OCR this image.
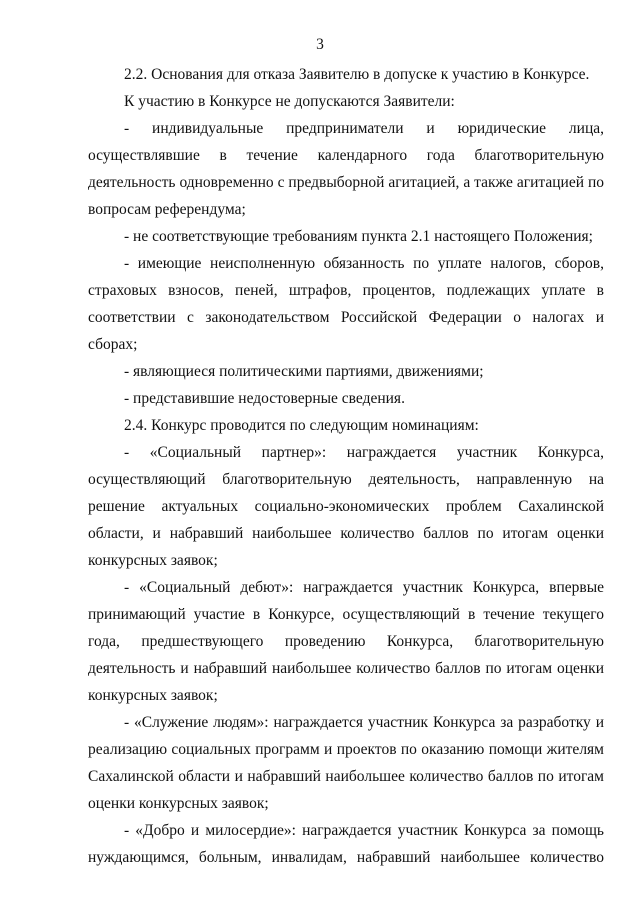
3

2.2. Основания для отказа Заявителю в допуске к участию в Конкурсе.

К участию в Конкурсе не допускаются Заявители:

- индивидуальные предприниматели и юридические лица, осуществлявшие в течение календарного года благотворительную деятельность одновременно с предвыборной агитацией, а также агитацией по вопросам референдума;

- не соответствующие требованиям пункта 2.1 настоящего Положения;

- имеющие неисполненную обязанность по уплате налогов, сборов, страховых взносов, пеней, штрафов, процентов, подлежащих уплате в соответствии с законодательством Российской Федерации о налогах и сборах;

- являющиеся политическими партиями, движениями;

- представившие недостоверные сведения.

2.4. Конкурс проводится по следующим номинациям:

- «Социальный партнер»: награждается участник Конкурса, осуществляющий благотворительную деятельность, направленную на решение актуальных социально-экономических проблем Сахалинской области, и набравший наибольшее количество баллов по итогам оценки конкурсных заявок;

- «Социальный дебют»: награждается участник Конкурса, впервые принимающий участие в Конкурсе, осуществляющий в течение текущего года, предшествующего проведению Конкурса, благотворительную деятельность и набравший наибольшее количество баллов по итогам оценки конкурсных заявок;

- «Служение людям»: награждается участник Конкурса за разработку и реализацию социальных программ и проектов по оказанию помощи жителям Сахалинской области и набравший наибольшее количество баллов по итогам оценки конкурсных заявок;

- «Добро и милосердие»: награждается участник Конкурса за помощь нуждающимся, больным, инвалидам, набравший наибольшее количество
